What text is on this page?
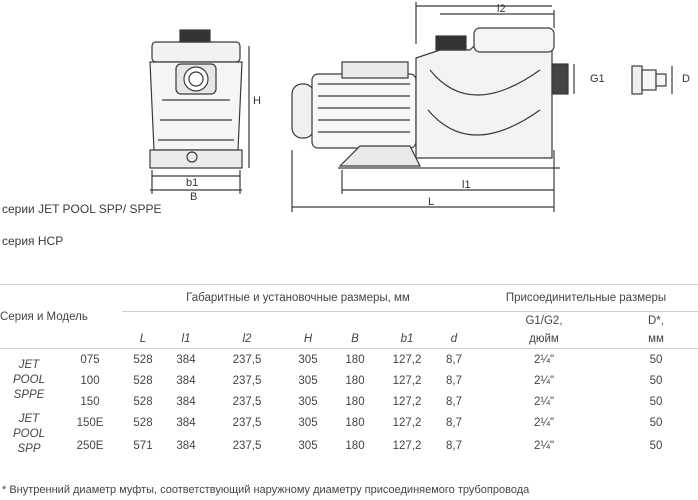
H
b1
B
l2
l1
L
G1	D
серии JET POOL SPP/ SPPE
серия HCP
Серия и Модель		Габаритные и установочные размеры, мм							Присоединительные размеры	
									G1/G2,	D*,
		L	l1	l2	H	B	b1	d	дюйм	мм
JET
POOL
SPPE	075	528	384	237,5	305	180	127,2	8,7	2¼"	50
	100	528	384	237,5	305	180	127,2	8,7	2¼"	50
	150	528	384	237,5	305	180	127,2	8,7	2¼"	50
JET
POOL
SPP	150E	528	384	237,5	305	180	127,2	8,7	2¼"	50
	250E	571	384	237,5	305	180	127,2	8,7	2¼"	50
* Внутренний диаметр муфты, соответствующий наружному диаметру присоединяемого трубопровода
